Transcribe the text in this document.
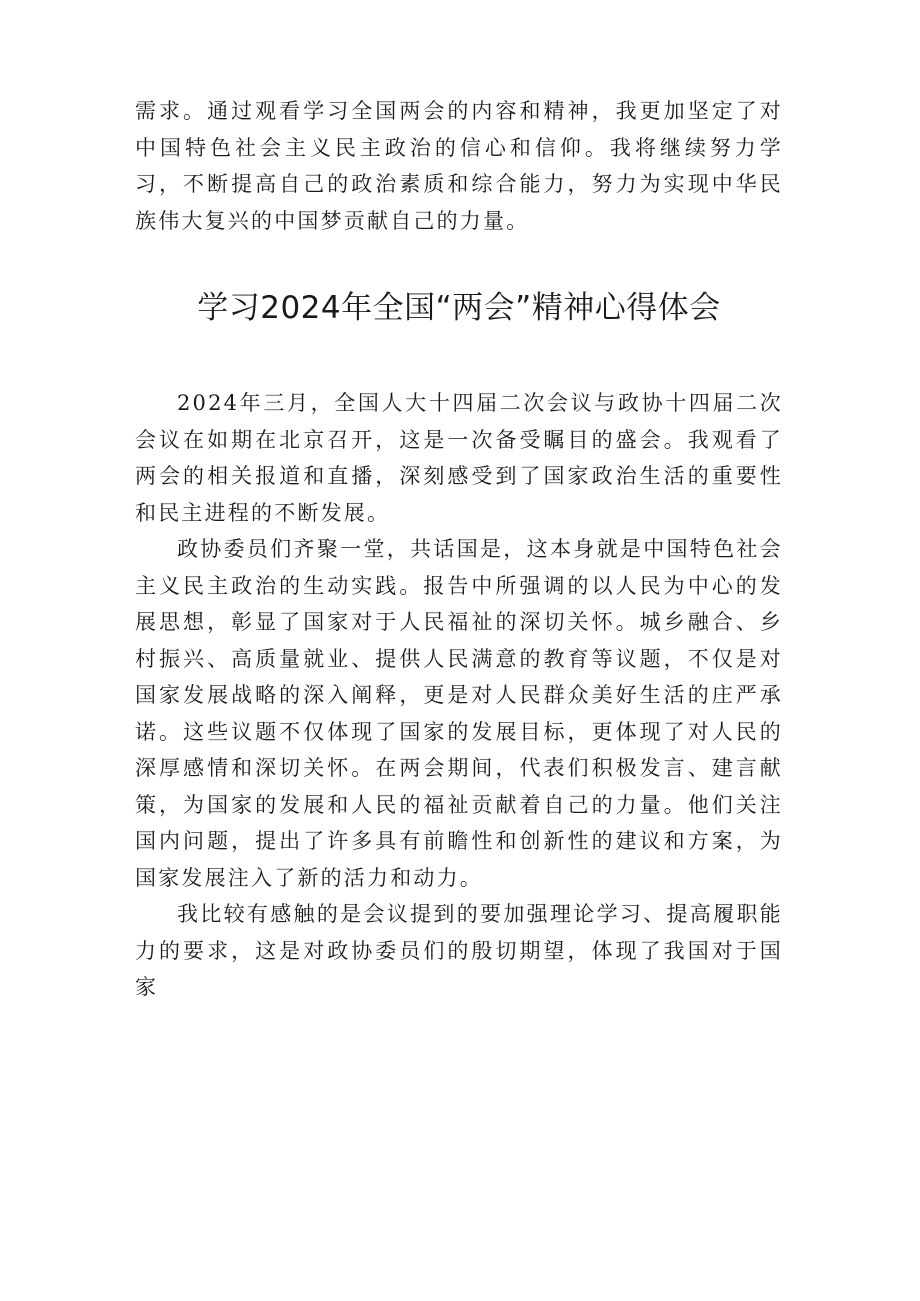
需求。通过观看学习全国两会的内容和精神，我更加坚定了对中国特色社会主义民主政治的信心和信仰。我将继续努力学习，不断提高自己的政治素质和综合能力，努力为实现中华民族伟大复兴的中国梦贡献自己的力量。

学习2024年全国“两会”精神心得体会

2024年三月，全国人大十四届二次会议与政协十四届二次会议在如期在北京召开，这是一次备受瞩目的盛会。我观看了两会的相关报道和直播，深刻感受到了国家政治生活的重要性和民主进程的不断发展。

政协委员们齐聚一堂，共话国是，这本身就是中国特色社会主义民主政治的生动实践。报告中所强调的以人民为中心的发展思想，彰显了国家对于人民福祉的深切关怀。城乡融合、乡村振兴、高质量就业、提供人民满意的教育等议题，不仅是对国家发展战略的深入阐释，更是对人民群众美好生活的庄严承诺。这些议题不仅体现了国家的发展目标，更体现了对人民的深厚感情和深切关怀。在两会期间，代表们积极发言、建言献策，为国家的发展和人民的福祉贡献着自己的力量。他们关注国内问题，提出了许多具有前瞻性和创新性的建议和方案，为国家发展注入了新的活力和动力。

我比较有感触的是会议提到的要加强理论学习、提高履职能力的要求，这是对政协委员们的殷切期望，体现了我国对于国家
